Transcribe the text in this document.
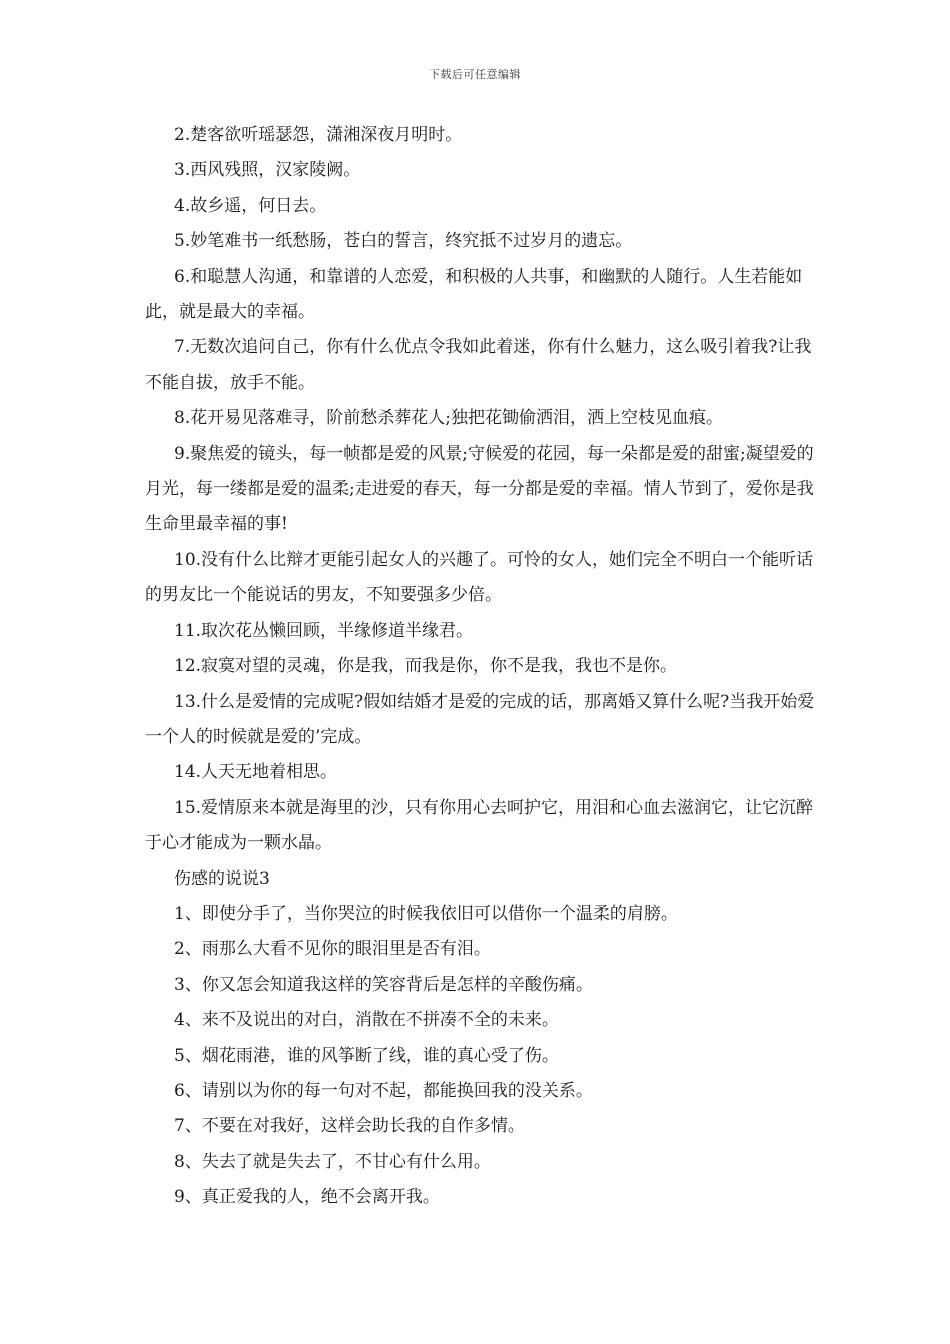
下载后可任意编辑

2.楚客欲听瑶瑟怨，潇湘深夜月明时。

3.西风残照，汉家陵阙。

4.故乡遥，何日去。

5.妙笔难书一纸愁肠，苍白的誓言，终究抵不过岁月的遗忘。

6.和聪慧人沟通，和靠谱的人恋爱，和积极的人共事，和幽默的人随行。人生若能如此，就是最大的幸福。

7.无数次追问自己，你有什么优点令我如此着迷，你有什么魅力，这么吸引着我?让我不能自拔，放手不能。

8.花开易见落难寻，阶前愁杀葬花人;独把花锄偷洒泪，洒上空枝见血痕。

9.聚焦爱的镜头，每一帧都是爱的风景;守候爱的花园，每一朵都是爱的甜蜜;凝望爱的月光，每一缕都是爱的温柔;走进爱的春天，每一分都是爱的幸福。情人节到了，爱你是我生命里最幸福的事!

10.没有什么比辩才更能引起女人的兴趣了。可怜的女人，她们完全不明白一个能听话的男友比一个能说话的男友，不知要强多少倍。

11.取次花丛懒回顾，半缘修道半缘君。

12.寂寞对望的灵魂，你是我，而我是你，你不是我，我也不是你。

13.什么是爱情的完成呢?假如结婚才是爱的完成的话，那离婚又算什么呢?当我开始爱一个人的时候就是爱的’完成。

14.人天无地着相思。

15.爱情原来本就是海里的沙，只有你用心去呵护它，用泪和心血去滋润它，让它沉醉于心才能成为一颗水晶。

伤感的说说3

1、即使分手了，当你哭泣的时候我依旧可以借你一个温柔的肩膀。

2、雨那么大看不见你的眼泪里是否有泪。

3、你又怎会知道我这样的笑容背后是怎样的辛酸伤痛。

4、来不及说出的对白，消散在不拼凑不全的未来。

5、烟花雨港，谁的风筝断了线，谁的真心受了伤。

6、请别以为你的每一句对不起，都能换回我的没关系。

7、不要在对我好，这样会助长我的自作多情。

8、失去了就是失去了，不甘心有什么用。

9、真正爱我的人，绝不会离开我。
